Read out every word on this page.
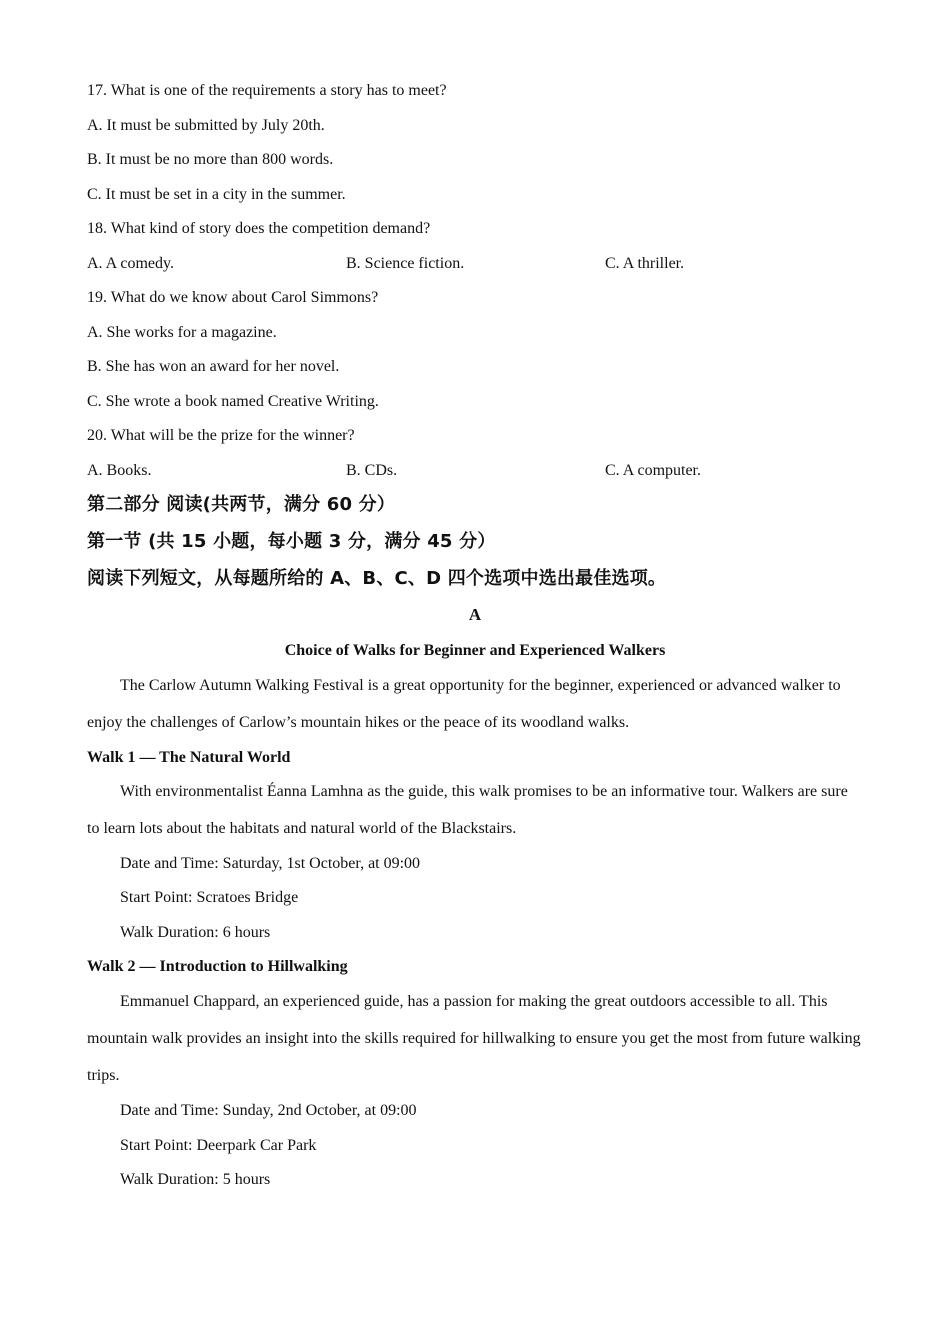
17. What is one of the requirements a story has to meet?
A. It must be submitted by July 20th.
B. It must be no more than 800 words.
C. It must be set in a city in the summer.
18. What kind of story does the competition demand?
A. A comedy.	B. Science fiction.	C. A thriller.
19. What do we know about Carol Simmons?
A. She works for a magazine.
B. She has won an award for her novel.
C. She wrote a book named Creative Writing.
20. What will be the prize for the winner?
A. Books.	B. CDs.	C. A computer.
第二部分 阅读(共两节，满分 60 分）
第一节 (共 15 小题，每小题 3 分，满分 45 分）
阅读下列短文，从每题所给的 A、B、C、D 四个选项中选出最佳选项。
A
Choice of Walks for Beginner and Experienced Walkers
The Carlow Autumn Walking Festival is a great opportunity for the beginner, experienced or advanced walker to enjoy the challenges of Carlow’s mountain hikes or the peace of its woodland walks.
Walk 1 — The Natural World
With environmentalist Éanna Lamhna as the guide, this walk promises to be an informative tour. Walkers are sure to learn lots about the habitats and natural world of the Blackstairs.
Date and Time: Saturday, 1st October, at 09:00
Start Point: Scratoes Bridge
Walk Duration: 6 hours
Walk 2 — Introduction to Hillwalking
Emmanuel Chappard, an experienced guide, has a passion for making the great outdoors accessible to all. This mountain walk provides an insight into the skills required for hillwalking to ensure you get the most from future walking trips.
Date and Time: Sunday, 2nd October, at 09:00
Start Point: Deerpark Car Park
Walk Duration: 5 hours
